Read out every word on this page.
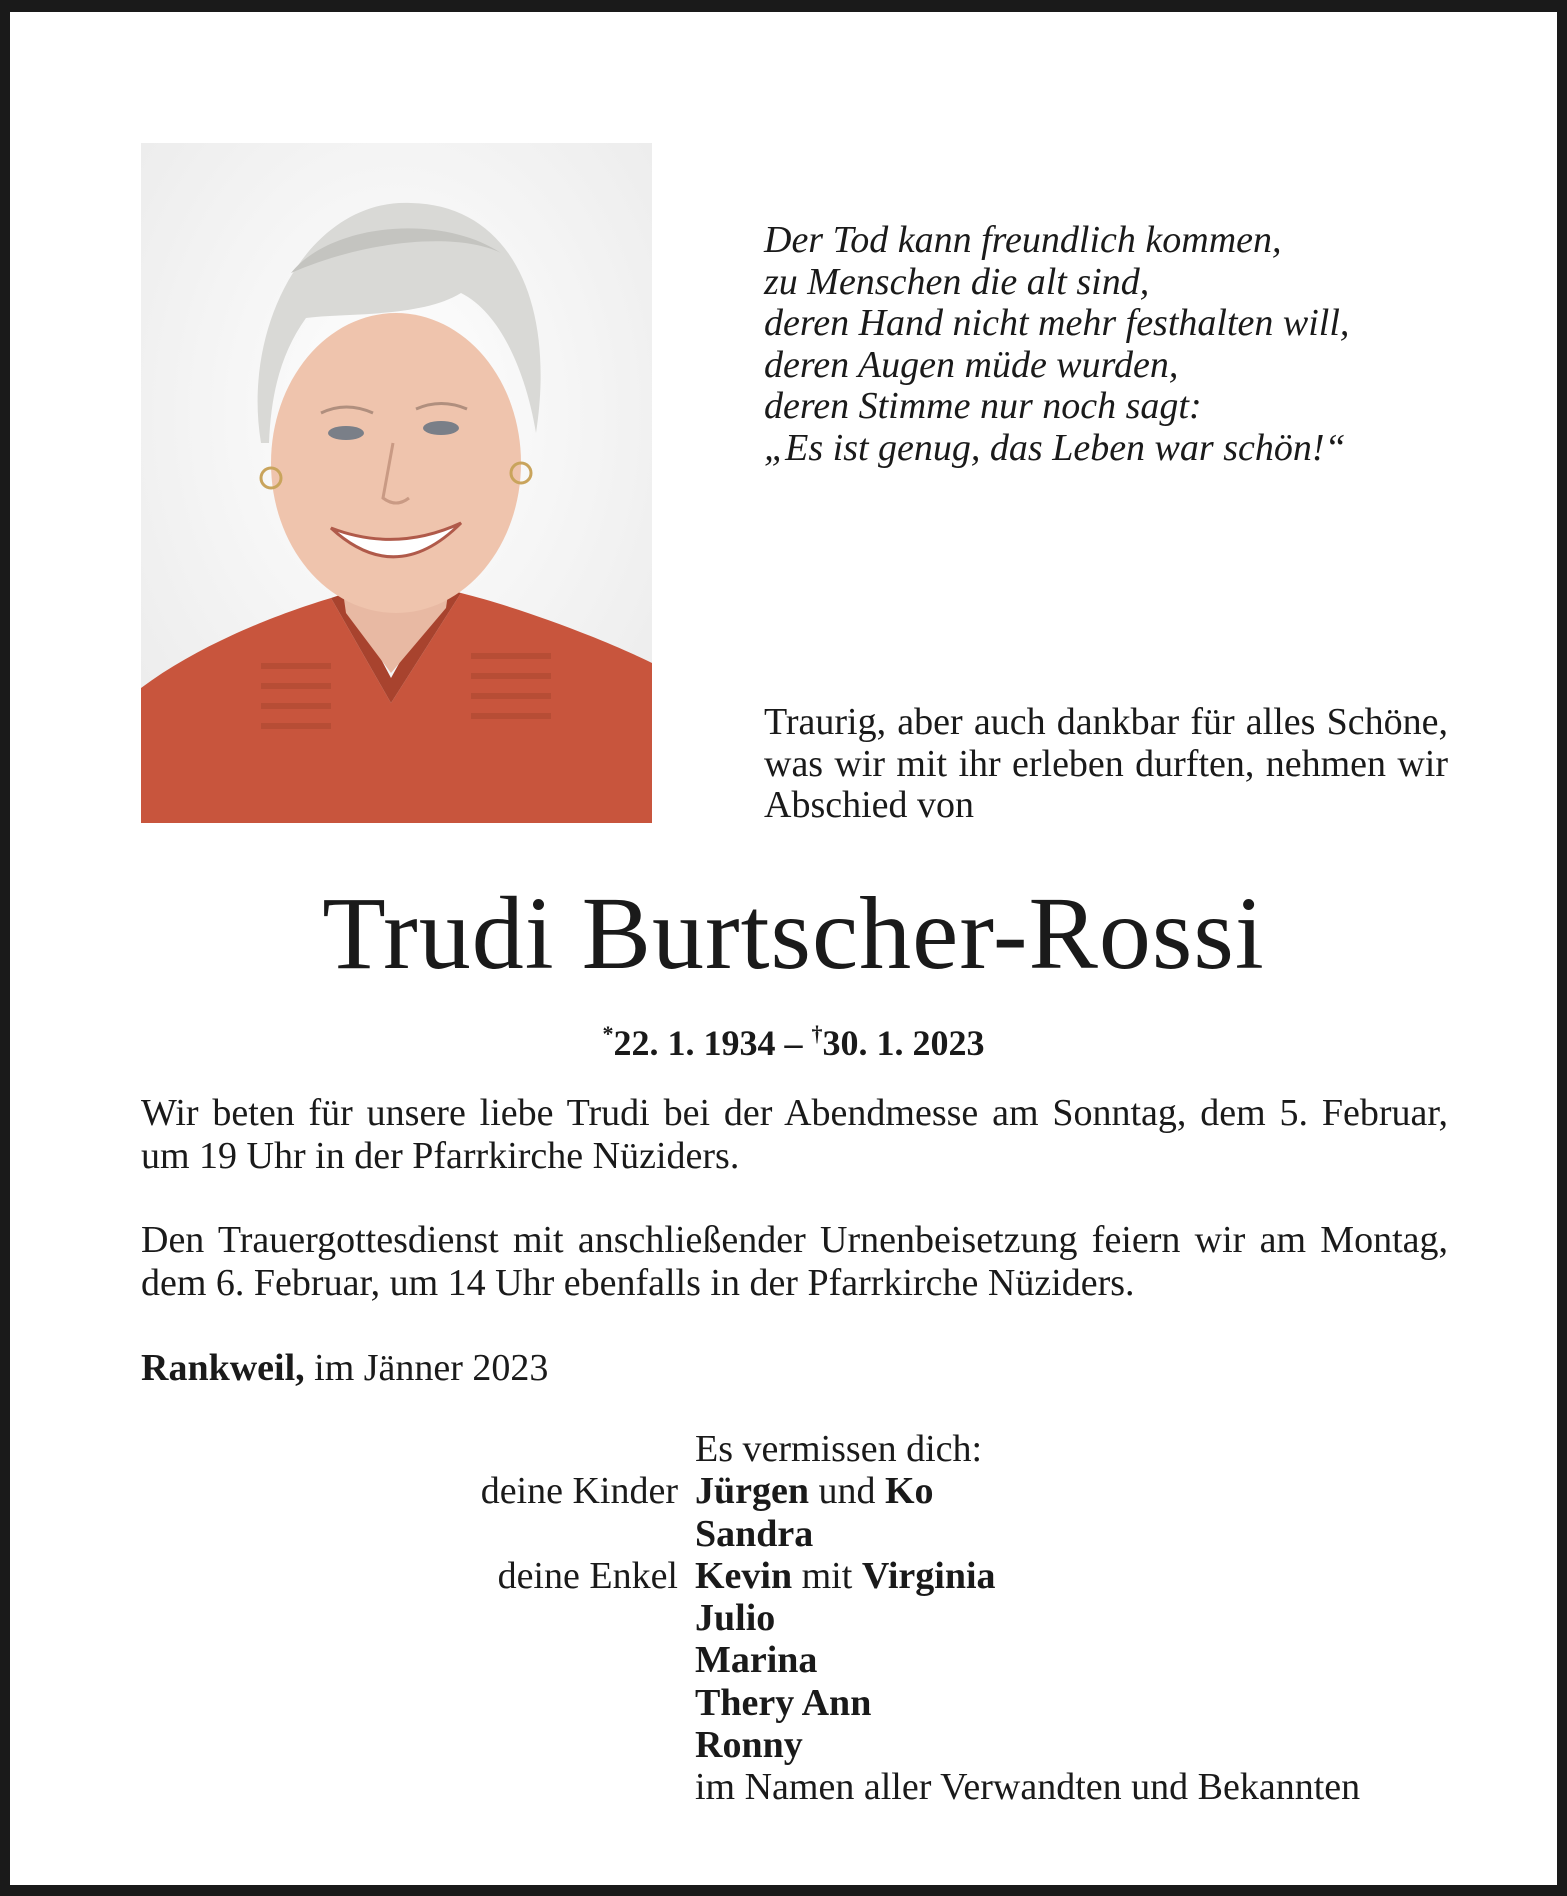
Der Tod kann freundlich kommen,
zu Menschen die alt sind,
deren Hand nicht mehr festhalten will,
deren Augen müde wurden,
deren Stimme nur noch sagt:
„Es ist genug, das Leben war schön!“
Traurig, aber auch dankbar für alles Schöne, was wir mit ihr erleben durften, nehmen wir Abschied von
Trudi Burtscher-Rossi
*22. 1. 1934 – †30. 1. 2023
Wir beten für unsere liebe Trudi bei der Abendmesse am Sonntag, dem 5. Februar, um 19 Uhr in der Pfarrkirche Nüziders.
Den Trauergottesdienst mit anschließender Urnenbeisetzung feiern wir am Montag, dem 6. Februar, um 14 Uhr ebenfalls in der Pfarrkirche Nüziders.
Rankweil, im Jänner 2023
Es vermissen dich:
deine Kinder Jürgen und Ko
Sandra
deine Enkel Kevin mit Virginia
Julio
Marina
Thery Ann
Ronny
im Namen aller Verwandten und Bekannten
